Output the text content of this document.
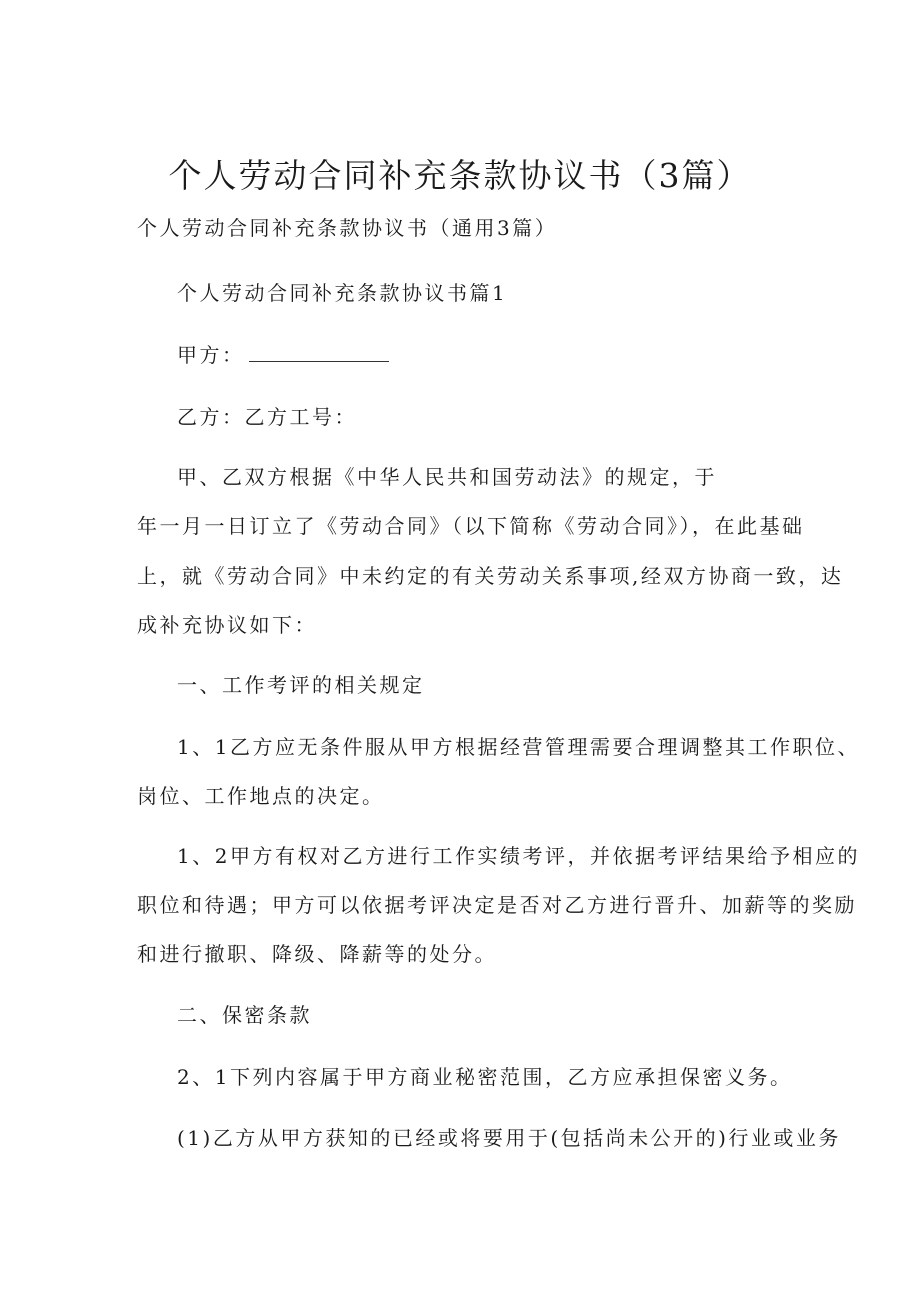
个人劳动合同补充条款协议书（3篇）
个人劳动合同补充条款协议书（通用3篇）
个人劳动合同补充条款协议书篇1
甲方：
乙方：乙方工号：
甲、乙双方根据《中华人民共和国劳动法》的规定，于
年一月一日订立了《劳动合同》（以下简称《劳动合同》），在此基础
上，就《劳动合同》中未约定的有关劳动关系事项,经双方协商一致，达
成补充协议如下：
一、工作考评的相关规定
1、1乙方应无条件服从甲方根据经营管理需要合理调整其工作职位、
岗位、工作地点的决定。
1、2甲方有权对乙方进行工作实绩考评，并依据考评结果给予相应的
职位和待遇；甲方可以依据考评决定是否对乙方进行晋升、加薪等的奖励
和进行撤职、降级、降薪等的处分。
二、保密条款
2、1下列内容属于甲方商业秘密范围，乙方应承担保密义务。
(1)乙方从甲方获知的已经或将要用于(包括尚未公开的)行业或业务
